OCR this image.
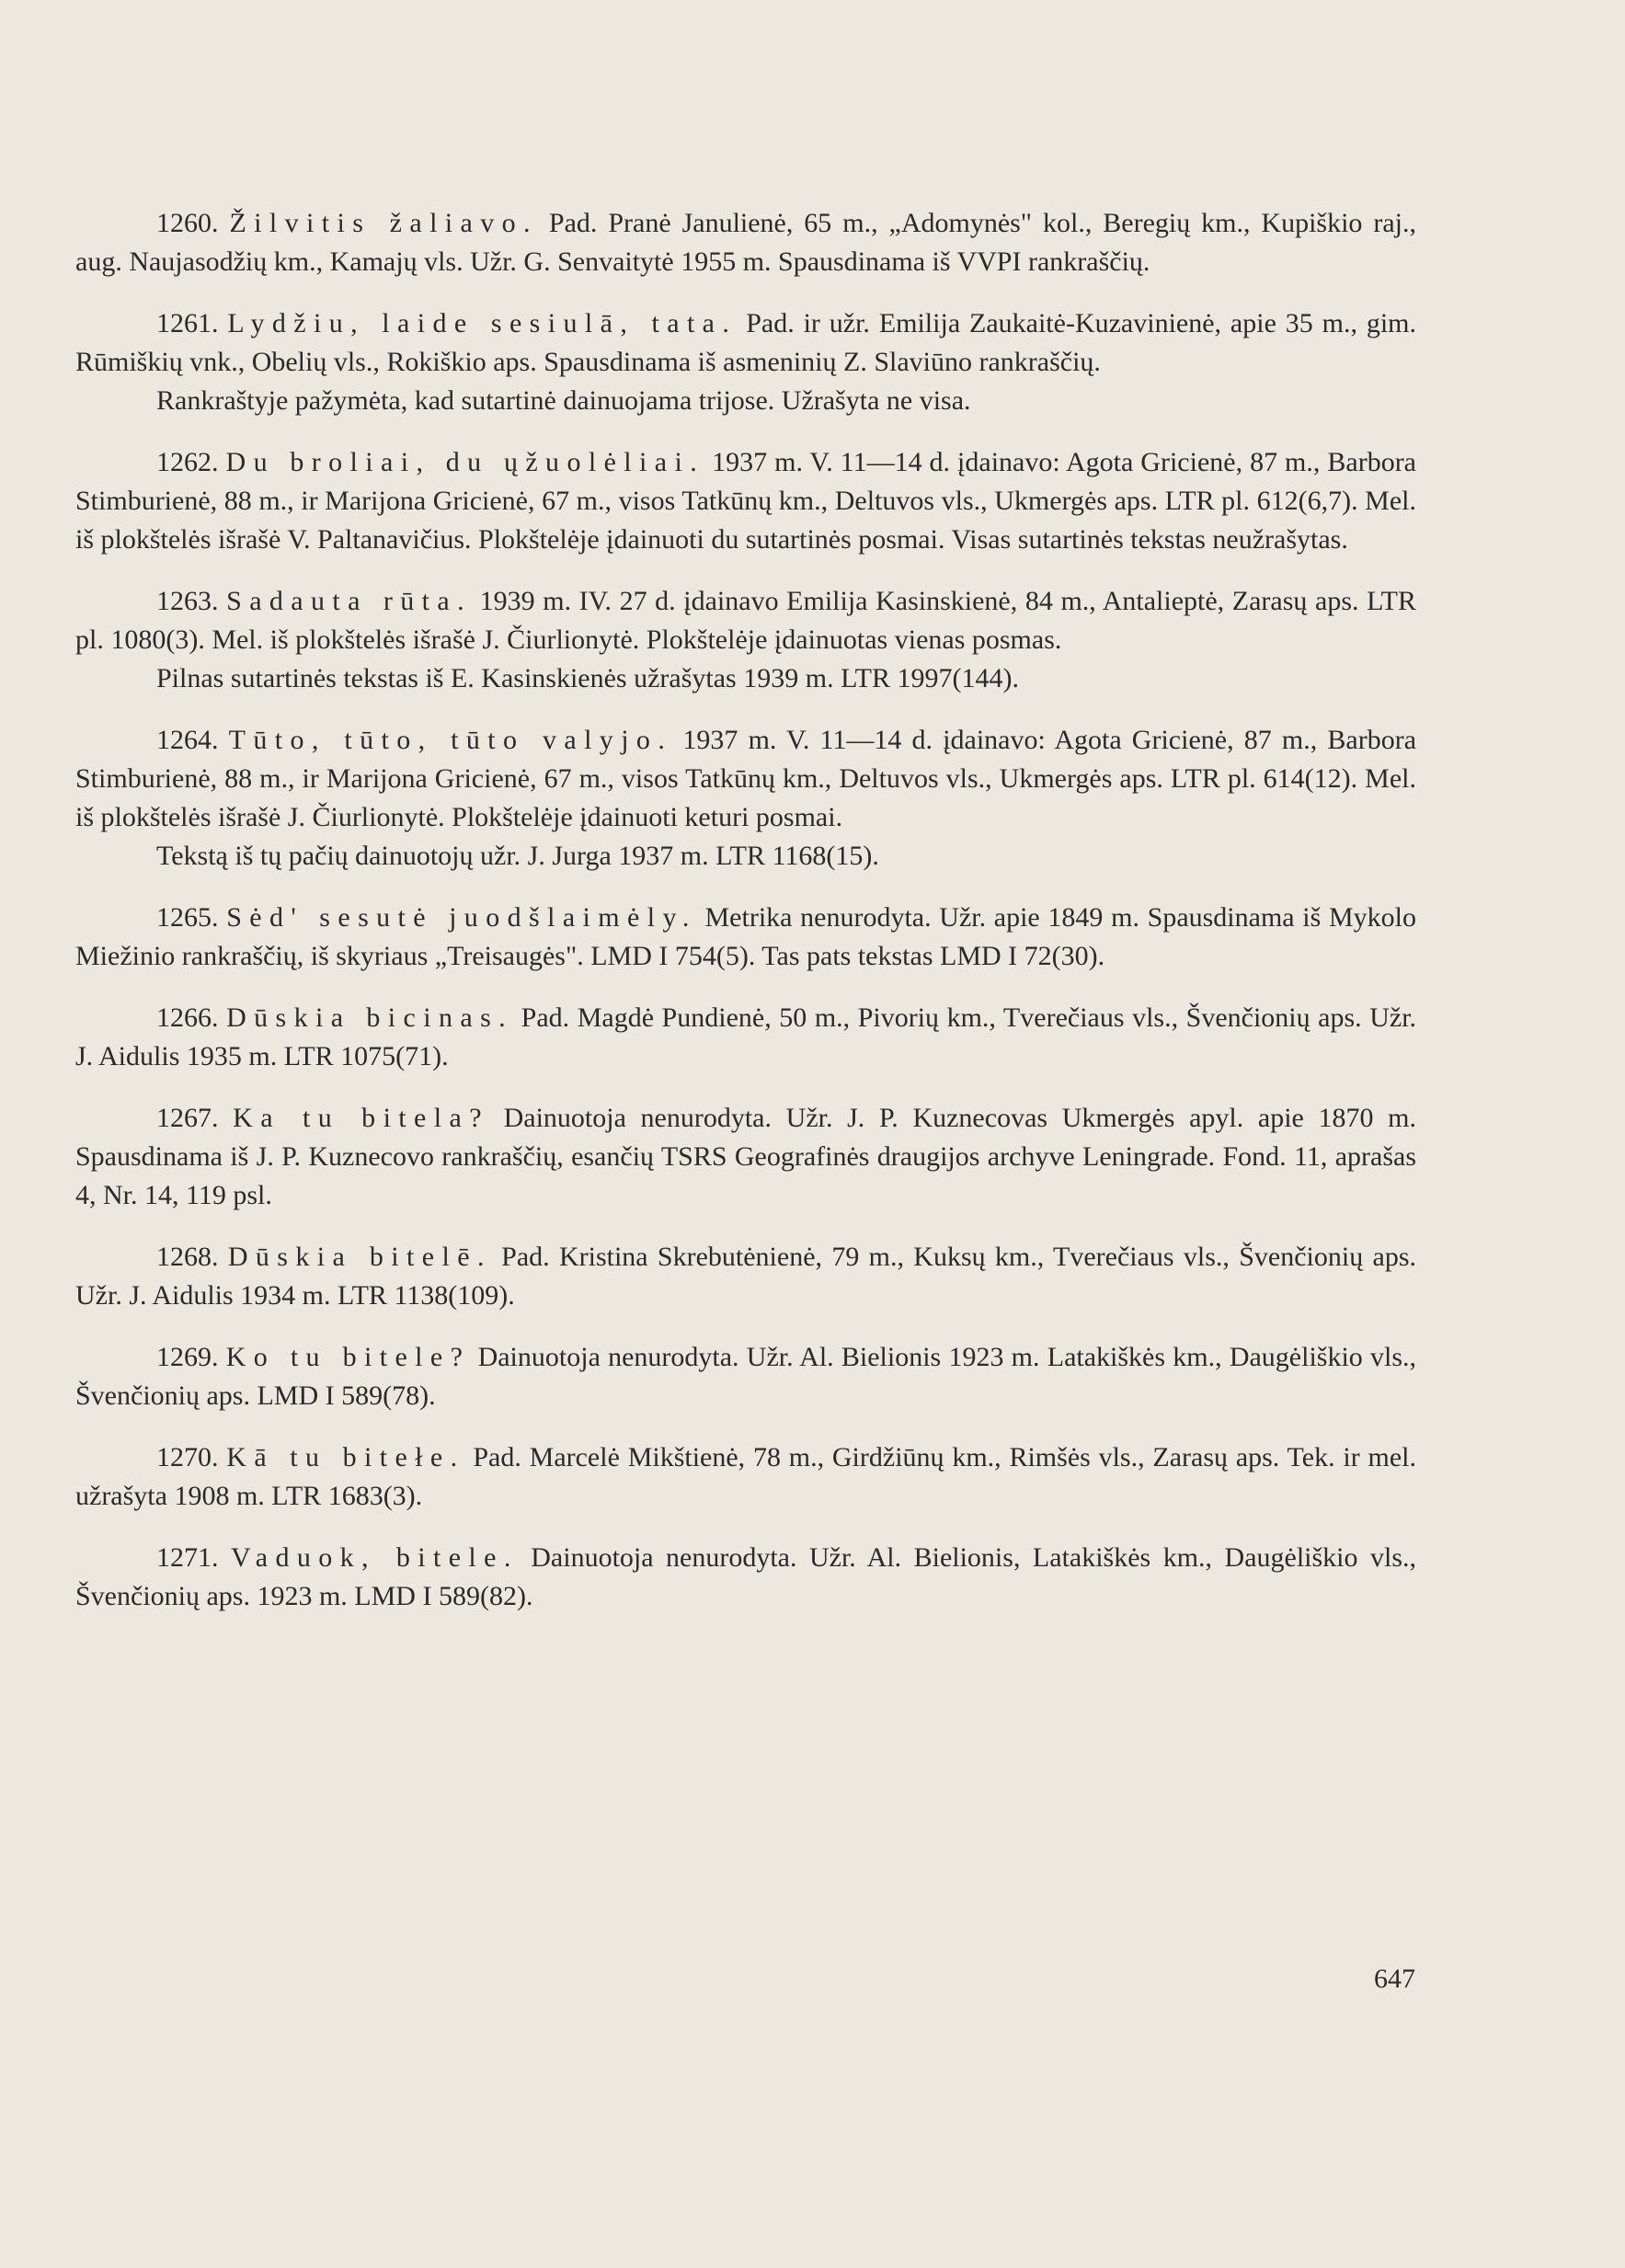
1260. Žilvitis žaliavo. Pad. Pranė Janulienė, 65 m., „Adomynės" kol., Beregių km., Kupiškio raj., aug. Naujasodžių km., Kamajų vls. Užr. G. Senvaitytė 1955 m. Spausdinama iš VVPI rankraščių.

1261. Lydžiu, laide sesiulā, tata. Pad. ir užr. Emilija Zaukaitė-Kuzavinienė, apie 35 m., gim. Rūmiškių vnk., Obelių vls., Rokiškio aps. Spausdinama iš asmeninių Z. Slaviūno rankraščių.

Rankraštyje pažymėta, kad sutartinė dainuojama trijose. Užrašyta ne visa.

1262. Du broliai, du ųžuolėliai. 1937 m. V. 11—14 d. įdainavo: Agota Gricienė, 87 m., Barbora Stimburienė, 88 m., ir Marijona Gricienė, 67 m., visos Tatkūnų km., Deltuvos vls., Ukmergės aps. LTR pl. 612(6,7). Mel. iš plokštelės išrašė V. Paltanavičius. Plokštelėje įdainuoti du sutartinės posmai. Visas sutartinės tekstas neužrašytas.

1263. Sadauta rūta. 1939 m. IV. 27 d. įdainavo Emilija Kasinskienė, 84 m., Antalieptė, Zarasų aps. LTR pl. 1080(3). Mel. iš plokštelės išrašė J. Čiurlionytė. Plokštelėje įdainuotas vienas posmas.

Pilnas sutartinės tekstas iš E. Kasinskienės užrašytas 1939 m. LTR 1997(144).

1264. Tūto, tūto, tūto valyjo. 1937 m. V. 11—14 d. įdainavo: Agota Gricienė, 87 m., Barbora Stimburienė, 88 m., ir Marijona Gricienė, 67 m., visos Tatkūnų km., Deltuvos vls., Ukmergės aps. LTR pl. 614(12). Mel. iš plokštelės išrašė J. Čiurlionytė. Plokštelėje įdainuoti keturi posmai.

Tekstą iš tų pačių dainuotojų užr. J. Jurga 1937 m. LTR 1168(15).

1265. Sėd' sesutė juodšlaimėly. Metrika nenurodyta. Užr. apie 1849 m. Spausdinama iš Mykolo Miežinio rankraščių, iš skyriaus „Treisaugės". LMD I 754(5). Tas pats tekstas LMD I 72(30).

1266. Dūskia bicinas. Pad. Magdė Pundienė, 50 m., Pivorių km., Tverečiaus vls., Švenčionių aps. Užr. J. Aidulis 1935 m. LTR 1075(71).

1267. Ka tu bitela? Dainuotoja nenurodyta. Užr. J. P. Kuznecovas Ukmergės apyl. apie 1870 m. Spausdinama iš J. P. Kuznecovo rankraščių, esančių TSRS Geografinės draugijos archyve Leningrade. Fond. 11, aprašas 4, Nr. 14, 119 psl.

1268. Dūskia bitelē. Pad. Kristina Skrebutėnienė, 79 m., Kuksų km., Tverečiaus vls., Švenčionių aps. Užr. J. Aidulis 1934 m. LTR 1138(109).

1269. Ko tu bitele? Dainuotoja nenurodyta. Užr. Al. Bielionis 1923 m. Latakiškės km., Daugėliškio vls., Švenčionių aps. LMD I 589(78).

1270. Kā tu bitełe. Pad. Marcelė Mikštienė, 78 m., Girdžiūnų km., Rimšės vls., Zarasų aps. Tek. ir mel. užrašyta 1908 m. LTR 1683(3).

1271. Vaduok, bitele. Dainuotoja nenurodyta. Užr. Al. Bielionis, Latakiškės km., Daugėliškio vls., Švenčionių aps. 1923 m. LMD I 589(82).

647
